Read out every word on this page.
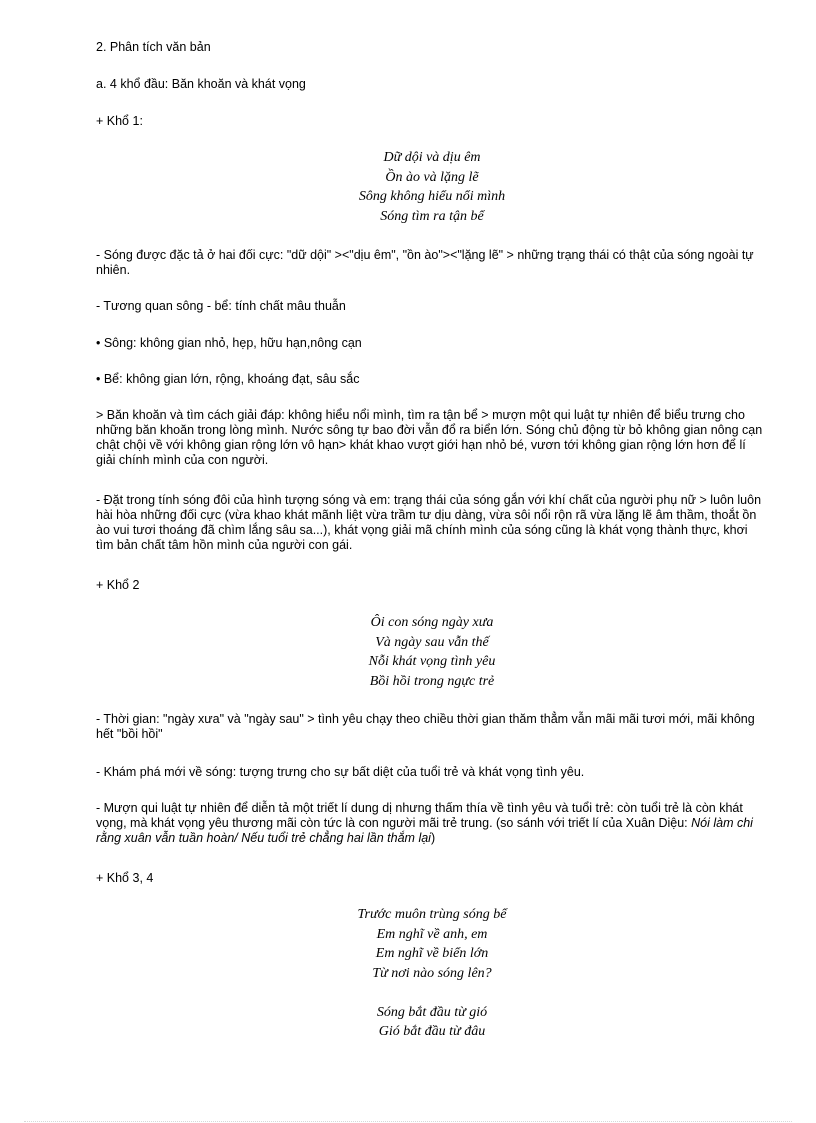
2. Phân tích văn bản

a. 4 khổ đầu: Băn khoăn và khát vọng

+ Khổ 1:

Dữ dội và dịu êm
Ồn ào và lặng lẽ
Sông không hiểu nổi mình
Sóng tìm ra tận bể

- Sóng được đặc tả ở hai đối cực: "dữ dội" ><"dịu êm", "ồn ào"><"lặng lẽ" > những trạng thái có thật của sóng ngoài tự nhiên.

- Tương quan sông - bể: tính chất mâu thuẫn

• Sông: không gian nhỏ, hẹp, hữu hạn,nông cạn

• Bể: không gian lớn, rộng, khoáng đạt, sâu sắc

> Băn khoăn và tìm cách giải đáp: không hiểu nổi mình, tìm ra tận bể > mượn một qui luật tự nhiên để biểu trưng cho những băn khoăn trong lòng mình. Nước sông tự bao đời vẫn đổ ra biển lớn. Sóng chủ động từ bỏ không gian nông cạn chật chội về với không gian rộng lớn vô hạn> khát khao vượt giới hạn nhỏ bé, vươn tới không gian rộng lớn hơn để lí giải chính mình của con người.

- Đặt trong tính sóng đôi của hình tượng sóng và em: trạng thái của sóng gắn với khí chất của người phụ nữ > luôn luôn hài hòa những đối cực (vừa khao khát mãnh liệt vừa trầm tư dịu dàng, vừa sôi nổi rộn rã vừa lặng lẽ âm thầm, thoắt ồn ào vui tươi thoáng đã chìm lắng sâu sa...), khát vọng giải mã chính mình của sóng cũng là khát vọng thành thực, khơi tìm bản chất tâm hồn mình của người con gái.

+ Khổ 2

Ôi con sóng ngày xưa
Và ngày sau vẫn thế
Nỗi khát vọng tình yêu
Bồi hồi trong ngực trẻ

- Thời gian: "ngày xưa" và "ngày sau" > tình yêu chạy theo chiều thời gian thăm thẳm vẫn mãi mãi tươi mới, mãi không hết "bồi hồi"

- Khám phá mới về sóng: tượng trưng cho sự bất diệt của tuổi trẻ và khát vọng tình yêu.

- Mượn qui luật tự nhiên để diễn tả một triết lí dung dị nhưng thấm thía về tình yêu và tuổi trẻ: còn tuổi trẻ là còn khát vọng, mà khát vọng yêu thương mãi còn tức là con người mãi trẻ trung. (so sánh với triết lí của Xuân Diệu: Nói làm chi rằng xuân vẫn tuần hoàn/ Nếu tuổi trẻ chẳng hai lần thắm lại)

+ Khổ 3, 4

Trước muôn trùng sóng bể
Em nghĩ về anh, em
Em nghĩ về biển lớn
Từ nơi nào sóng lên?
Sóng bắt đầu từ gió
Gió bắt đầu từ đâu
